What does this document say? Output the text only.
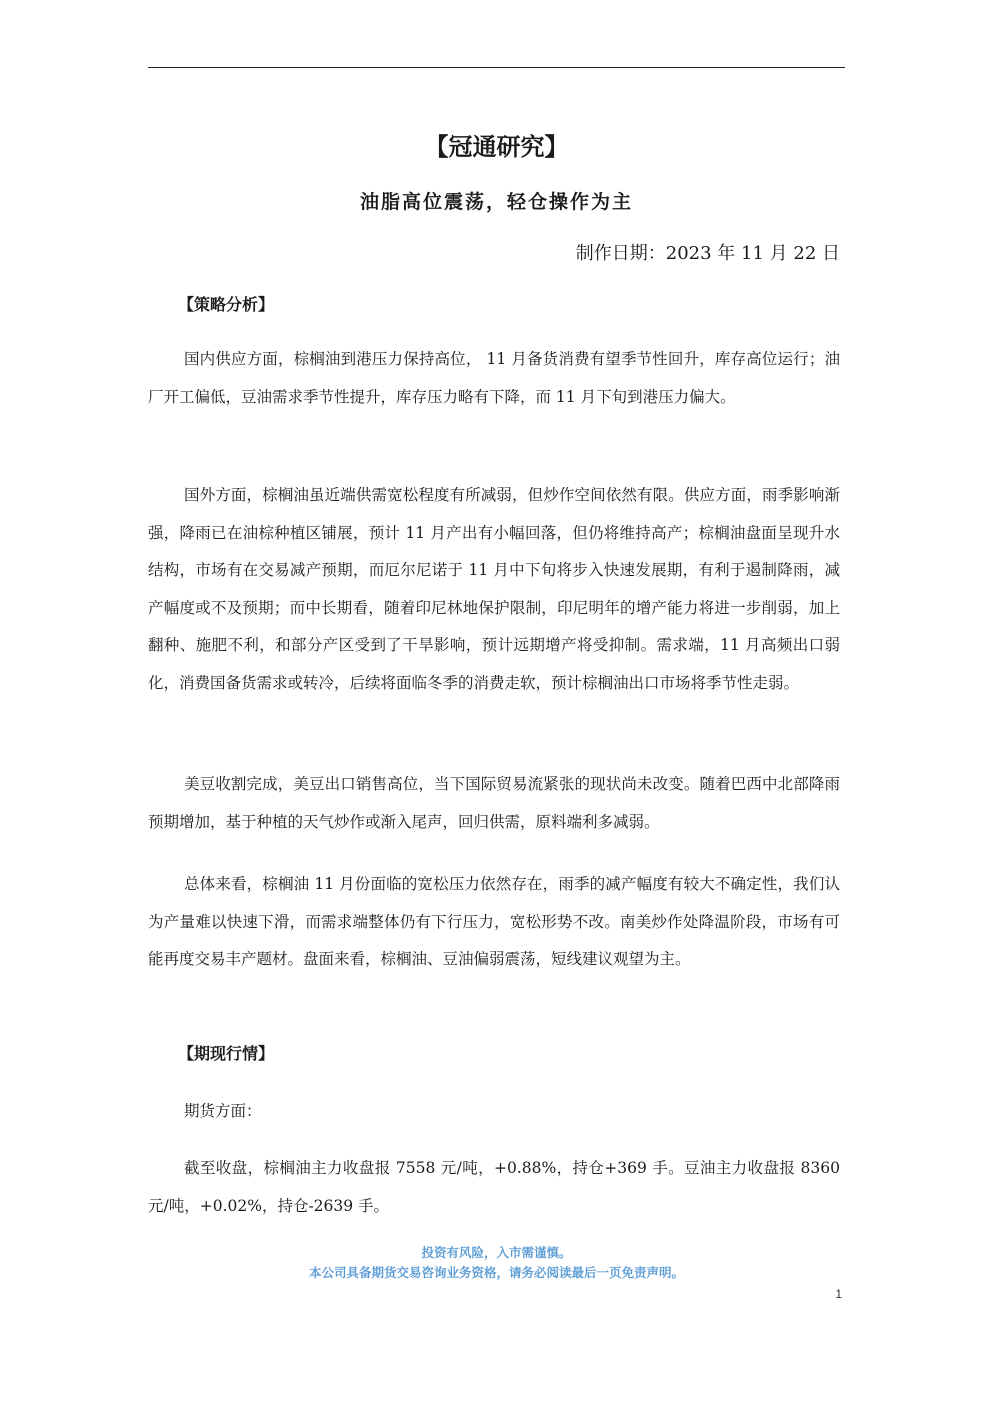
【冠通研究】
油脂高位震荡，轻仓操作为主
制作日期：2023 年 11 月 22 日
【策略分析】

国内供应方面，棕榈油到港压力保持高位， 11 月备货消费有望季节性回升，库存高位运行；油厂开工偏低，豆油需求季节性提升，库存压力略有下降，而 11 月下旬到港压力偏大。

国外方面，棕榈油虽近端供需宽松程度有所减弱，但炒作空间依然有限。供应方面，雨季影响渐强，降雨已在油棕种植区铺展，预计 11 月产出有小幅回落，但仍将维持高产；棕榈油盘面呈现升水结构，市场有在交易减产预期，而厄尔尼诺于 11 月中下旬将步入快速发展期，有利于遏制降雨，减产幅度或不及预期；而中长期看，随着印尼林地保护限制，印尼明年的增产能力将进一步削弱，加上翻种、施肥不利，和部分产区受到了干旱影响，预计远期增产将受抑制。需求端，11 月高频出口弱化，消费国备货需求或转冷，后续将面临冬季的消费走软，预计棕榈油出口市场将季节性走弱。

美豆收割完成，美豆出口销售高位，当下国际贸易流紧张的现状尚未改变。随着巴西中北部降雨预期增加，基于种植的天气炒作或渐入尾声，回归供需，原料端利多减弱。

总体来看，棕榈油 11 月份面临的宽松压力依然存在，雨季的减产幅度有较大不确定性，我们认为产量难以快速下滑，而需求端整体仍有下行压力，宽松形势不改。南美炒作处降温阶段，市场有可能再度交易丰产题材。盘面来看，棕榈油、豆油偏弱震荡，短线建议观望为主。

【期现行情】

期货方面：

截至收盘，棕榈油主力收盘报 7558 元/吨，+0.88%，持仓+369 手。豆油主力收盘报 8360 元/吨，+0.02%，持仓-2639 手。

投资有风险，入市需谨慎。
本公司具备期货交易咨询业务资格，请务必阅读最后一页免责声明。
1
